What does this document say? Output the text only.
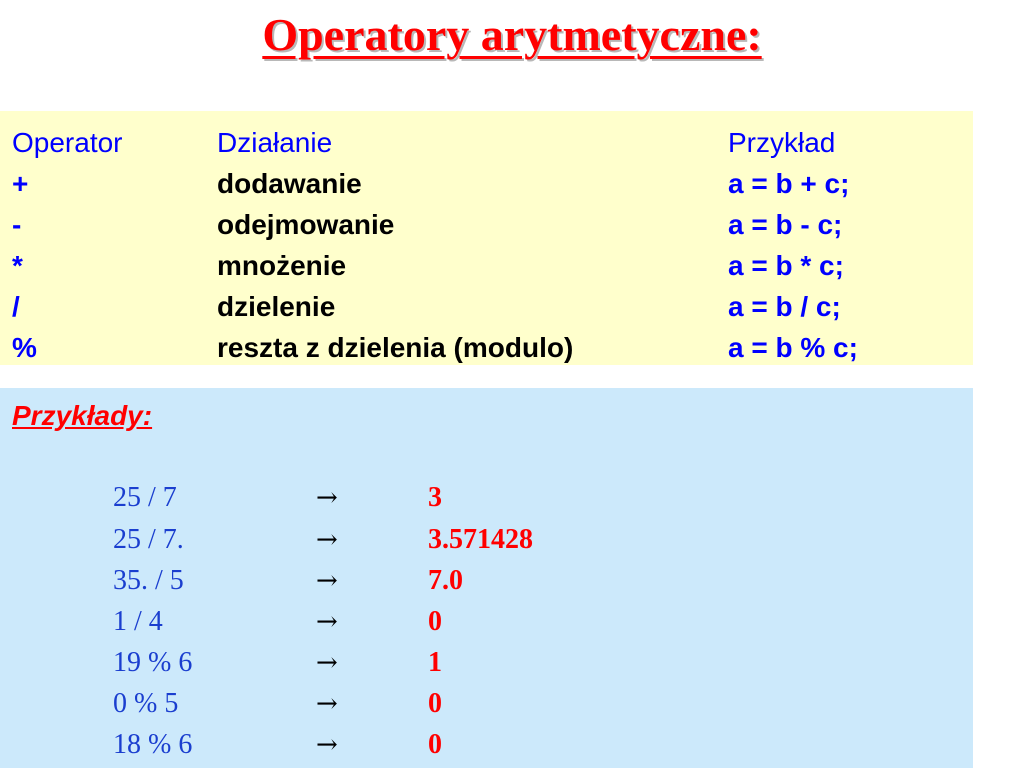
Operatory arytmetyczne:
Operator	Działanie	Przykład
+	dodawanie	a = b + c;
-	odejmowanie	a = b - c;
*	mnożenie	a = b * c;
/	dzielenie	a = b / c;
%	reszta z dzielenia (modulo)	a = b % c;
Przykłady:
25 / 7	→	3
25 / 7.	→	3.571428
35. / 5	→	7.0
1 / 4	→	0
19 % 6	→	1
0 % 5	→	0
18 % 6	→	0
